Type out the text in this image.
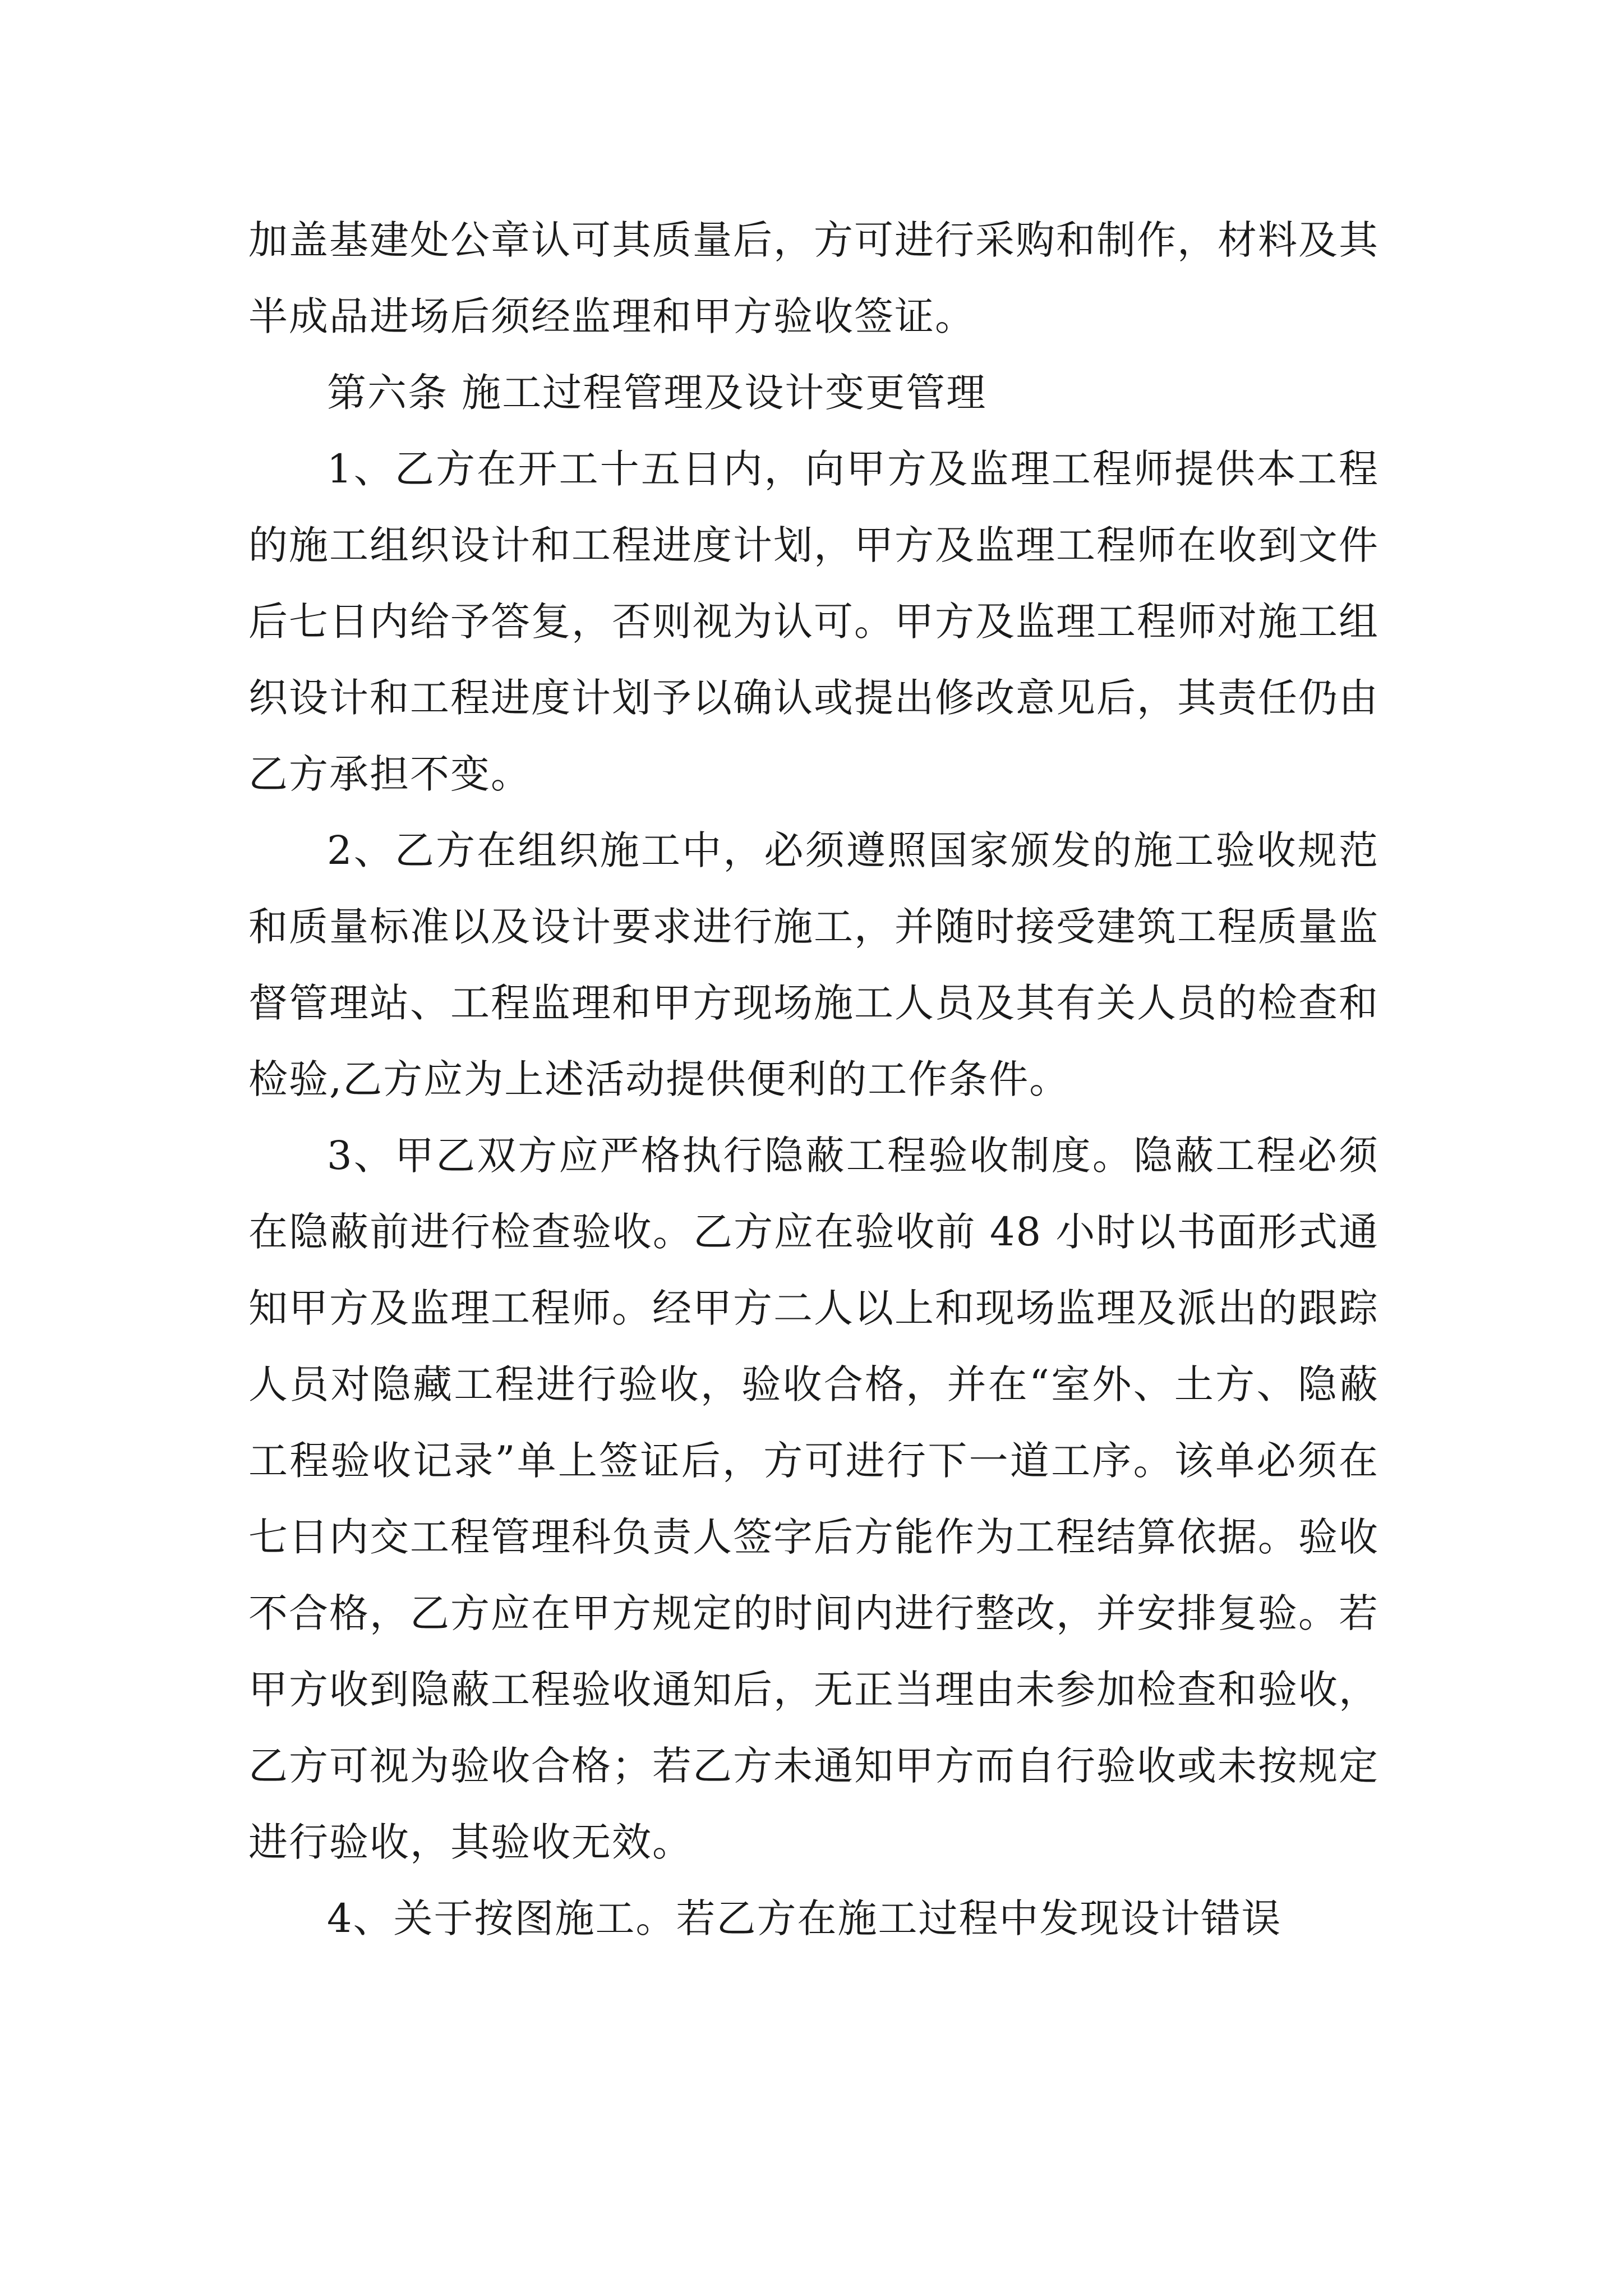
加盖基建处公章认可其质量后，方可进行采购和制作，材料及其半成品进场后须经监理和甲方验收签证。

第六条 施工过程管理及设计变更管理

1、乙方在开工十五日内，向甲方及监理工程师提供本工程的施工组织设计和工程进度计划，甲方及监理工程师在收到文件后七日内给予答复，否则视为认可。甲方及监理工程师对施工组织设计和工程进度计划予以确认或提出修改意见后，其责任仍由乙方承担不变。

2、乙方在组织施工中，必须遵照国家颁发的施工验收规范和质量标准以及设计要求进行施工，并随时接受建筑工程质量监督管理站、工程监理和甲方现场施工人员及其有关人员的检查和检验,乙方应为上述活动提供便利的工作条件。

3、甲乙双方应严格执行隐蔽工程验收制度。隐蔽工程必须在隐蔽前进行检查验收。乙方应在验收前 48 小时以书面形式通知甲方及监理工程师。经甲方二人以上和现场监理及派出的跟踪人员对隐藏工程进行验收，验收合格，并在“室外、土方、隐蔽工程验收记录”单上签证后，方可进行下一道工序。该单必须在七日内交工程管理科负责人签字后方能作为工程结算依据。验收不合格，乙方应在甲方规定的时间内进行整改，并安排复验。若甲方收到隐蔽工程验收通知后，无正当理由未参加检查和验收，乙方可视为验收合格；若乙方未通知甲方而自行验收或未按规定进行验收，其验收无效。

4、关于按图施工。若乙方在施工过程中发现设计错误
